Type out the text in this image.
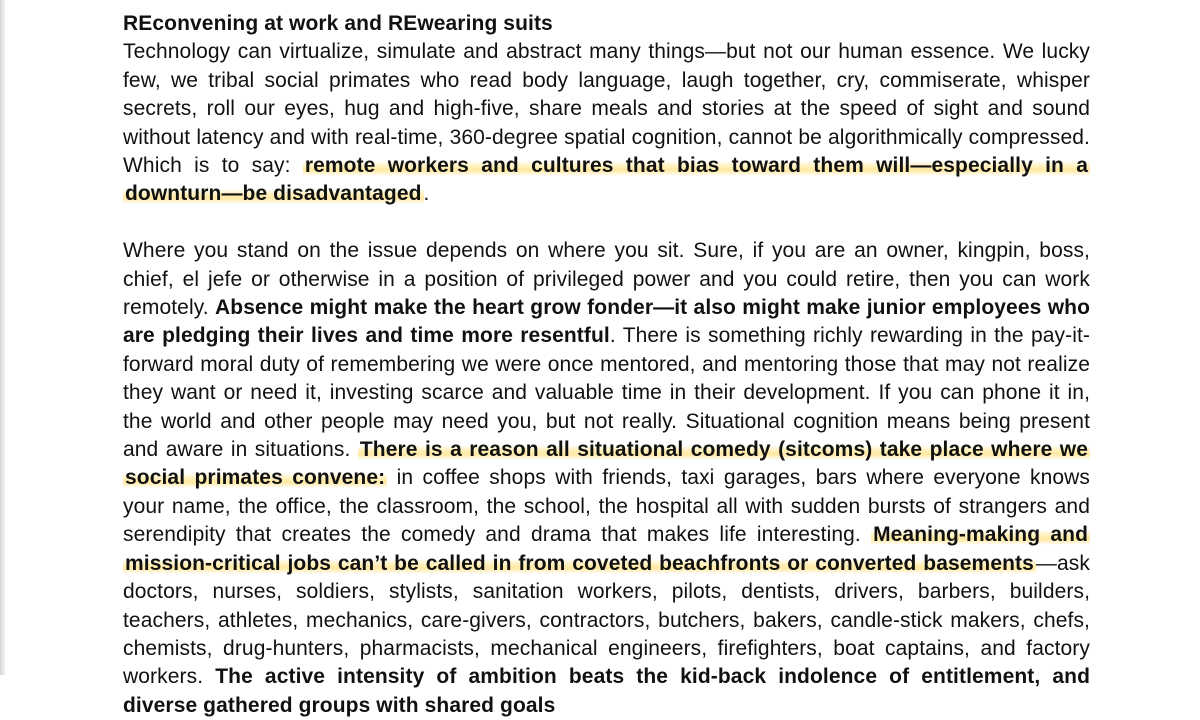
REconvening at work and REwearing suits

Technology can virtualize, simulate and abstract many things—but not our human essence. We lucky few, we tribal social primates who read body language, laugh together, cry, commiserate, whisper secrets, roll our eyes, hug and high-five, share meals and stories at the speed of sight and sound without latency and with real-time, 360-degree spatial cognition, cannot be algorithmically compressed. Which is to say: remote workers and cultures that bias toward them will—especially in a downturn—be disadvantaged.

Where you stand on the issue depends on where you sit. Sure, if you are an owner, kingpin, boss, chief, el jefe or otherwise in a position of privileged power and you could retire, then you can work remotely. Absence might make the heart grow fonder—it also might make junior employees who are pledging their lives and time more resentful. There is something richly rewarding in the pay-it-forward moral duty of remembering we were once mentored, and mentoring those that may not realize they want or need it, investing scarce and valuable time in their development. If you can phone it in, the world and other people may need you, but not really. Situational cognition means being present and aware in situations. There is a reason all situational comedy (sitcoms) take place where we social primates convene: in coffee shops with friends, taxi garages, bars where everyone knows your name, the office, the classroom, the school, the hospital all with sudden bursts of strangers and serendipity that creates the comedy and drama that makes life interesting. Meaning-making and mission-critical jobs can’t be called in from coveted beachfronts or converted basements—ask doctors, nurses, soldiers, stylists, sanitation workers, pilots, dentists, drivers, barbers, builders, teachers, athletes, mechanics, care-givers, contractors, butchers, bakers, candle-stick makers, chefs, chemists, drug-hunters, pharmacists, mechanical engineers, firefighters, boat captains, and factory workers. The active intensity of ambition beats the kid-back indolence of entitlement, and diverse gathered groups with shared goals
